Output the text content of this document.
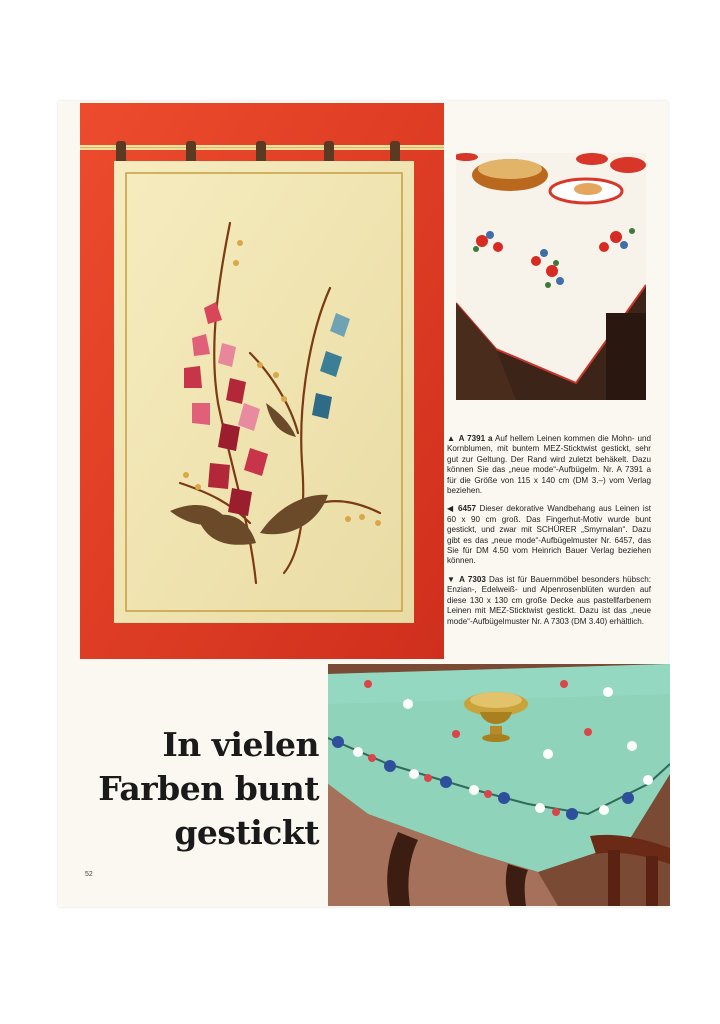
▲ A 7391 a Auf hellem Leinen kommen die Mohn- und Kornblumen, mit buntem MEZ-Sticktwist gestickt, sehr gut zur Geltung. Der Rand wird zuletzt behäkelt. Dazu können Sie das „neue mode“-Aufbügelm. Nr. A 7391 a für die Größe von 115 x 140 cm (DM 3.–) vom Verlag beziehen.

◀ 6457 Dieser dekorative Wandbehang aus Leinen ist 60 x 90 cm groß. Das Fingerhut-Motiv wurde bunt gestickt, und zwar mit SCHÜRER „Smyrnalan“. Dazu gibt es das „neue mode“-Aufbügelmuster Nr. 6457, das Sie für DM 4.50 vom Heinrich Bauer Verlag beziehen können.

▼ A 7303 Das ist für Bauernmöbel besonders hübsch: Enzian-, Edelweiß- und Alpenrosenblüten wurden auf diese 130 x 130 cm große Decke aus pastellfarbenem Leinen mit MEZ-Sticktwist gestickt. Dazu ist das „neue mode“-Aufbügelmuster Nr. A 7303 (DM 3.40) erhältlich.

In vielen
Farben bunt
gestickt
52
